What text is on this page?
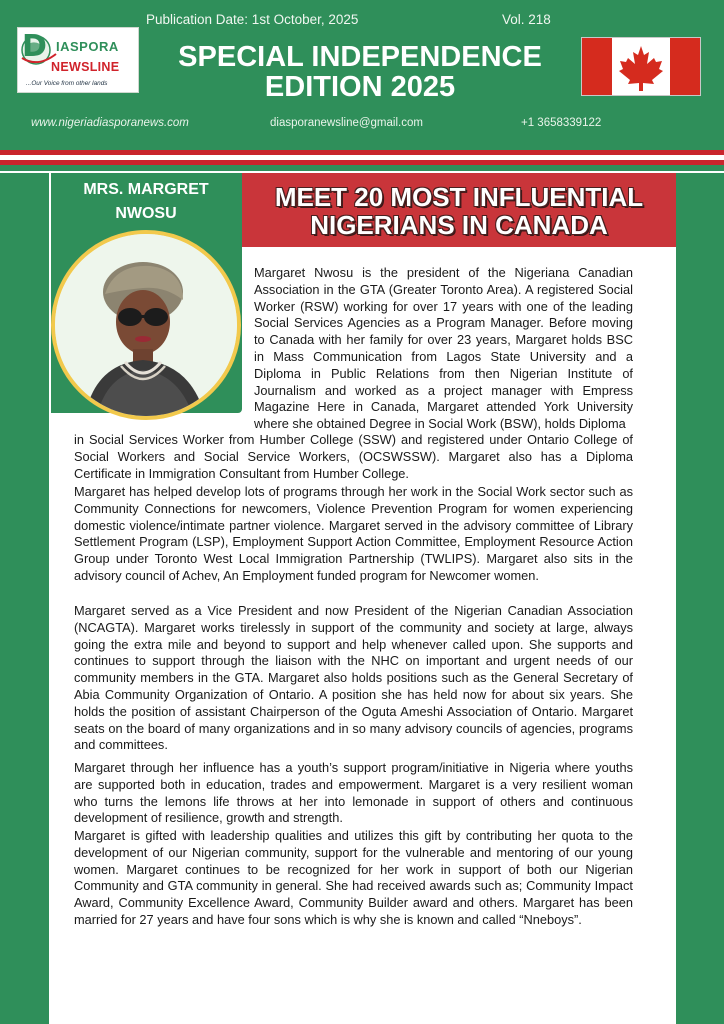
Publication Date: 1st October, 2025	Vol. 218
D IASPORA
NEWSLINE
...Our Voice from other lands
SPECIAL INDEPENDENCE EDITION 2025
www.nigeriadiasporanews.com	diasporanewsline@gmail.com	+1 3658339122
MRS. MARGRET NWOSU
MEET 20 MOST INFLUENTIAL NIGERIANS IN CANADA
Margaret Nwosu is the president of the Nigeriana Canadian Association in the GTA (Greater Toronto Area). A registered Social Worker (RSW) working for over 17 years with one of the leading Social Services Agencies as a Program Manager. Before moving to Canada with her family for over 23 years, Margaret holds BSC in Mass Communication from Lagos State University and a Diploma in Public Relations from then Nigerian Institute of Journalism and worked as a project manager with Empress Magazine Here in Canada, Margaret attended York University where she obtained Degree in Social Work (BSW), holds Diploma
in Social Services Worker from Humber College (SSW) and registered under Ontario College of Social Workers and Social Service Workers, (OCSWSSW). Margaret also has a Diploma Certificate in Immigration Consultant from Humber College.
Margaret has helped develop lots of programs through her work in the Social Work sector such as Community Connections for newcomers, Violence Prevention Program for women experiencing domestic violence/intimate partner violence. Margaret served in the advisory committee of Library Settlement Program (LSP), Employment Support Action Committee, Employment Resource Action Group under Toronto West Local Immigration Partnership (TWLIPS). Margaret also sits in the advisory council of Achev, An Employment funded program for Newcomer women.
Margaret served as a Vice President and now President of the Nigerian Canadian Association (NCAGTA). Margaret works tirelessly in support of the community and society at large, always going the extra mile and beyond to support and help whenever called upon. She supports and continues to support through the liaison with the NHC on important and urgent needs of our community members in the GTA. Margaret also holds positions such as the General Secretary of Abia Community Organization of Ontario. A position she has held now for about six years. She holds the position of assistant Chairperson of the Oguta Ameshi Association of Ontario. Margaret seats on the board of many organizations and in so many advisory councils of agencies, programs and committees.
Margaret through her influence has a youth’s support program/initiative in Nigeria where youths are supported both in education, trades and empowerment. Margaret is a very resilient woman who turns the lemons life throws at her into lemonade in support of others and continuous development of resilience, growth and strength.
Margaret is gifted with leadership qualities and utilizes this gift by contributing her quota to the development of our Nigerian community, support for the vulnerable and mentoring of our young women. Margaret continues to be recognized for her work in support of both our Nigerian Community and GTA community in general. She had received awards such as; Community Impact Award, Community Excellence Award, Community Builder award and others. Margaret has been married for 27 years and have four sons which is why she is known and called “Nneboys”.
